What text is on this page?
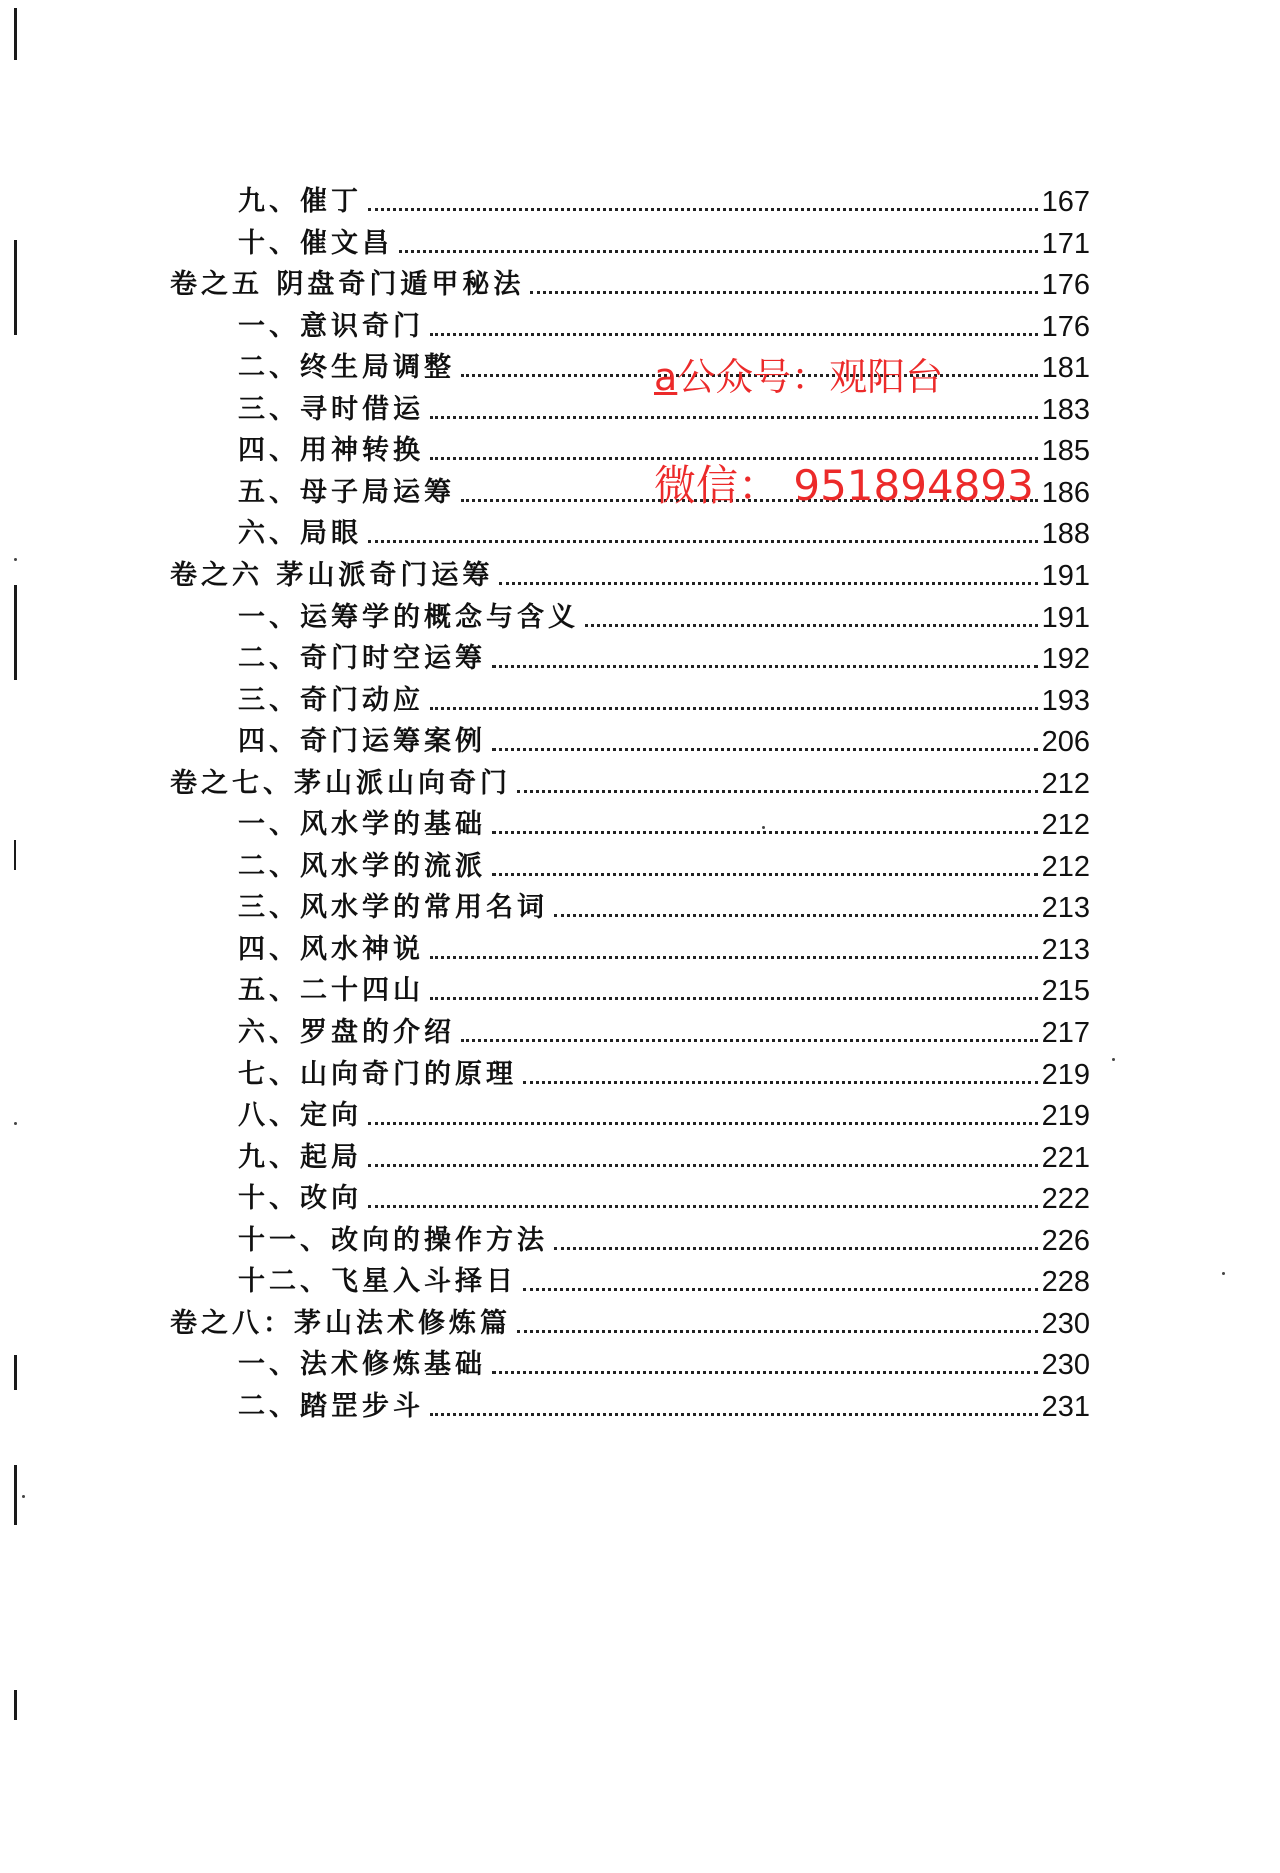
九、催丁	167
十、催文昌	171
卷之五 阴盘奇门遁甲秘法	176
一、意识奇门	176
二、终生局调整	181
三、寻时借运	183
四、用神转换	185
五、母子局运筹	186
六、局眼	188
卷之六 茅山派奇门运筹	191
一、运筹学的概念与含义	191
二、奇门时空运筹	192
三、奇门动应	193
四、奇门运筹案例	206
卷之七、茅山派山向奇门	212
一、风水学的基础	212
二、风水学的流派	212
三、风水学的常用名词	213
四、风水神说	213
五、二十四山	215
六、罗盘的介绍	217
七、山向奇门的原理	219
八、定向	219
九、起局	221
十、改向	222
十一、改向的操作方法	226
十二、飞星入斗择日	228
卷之八：茅山法术修炼篇	230
一、法术修炼基础	230
二、踏罡步斗	231
a公众号：观阳台
微信： 951894893
